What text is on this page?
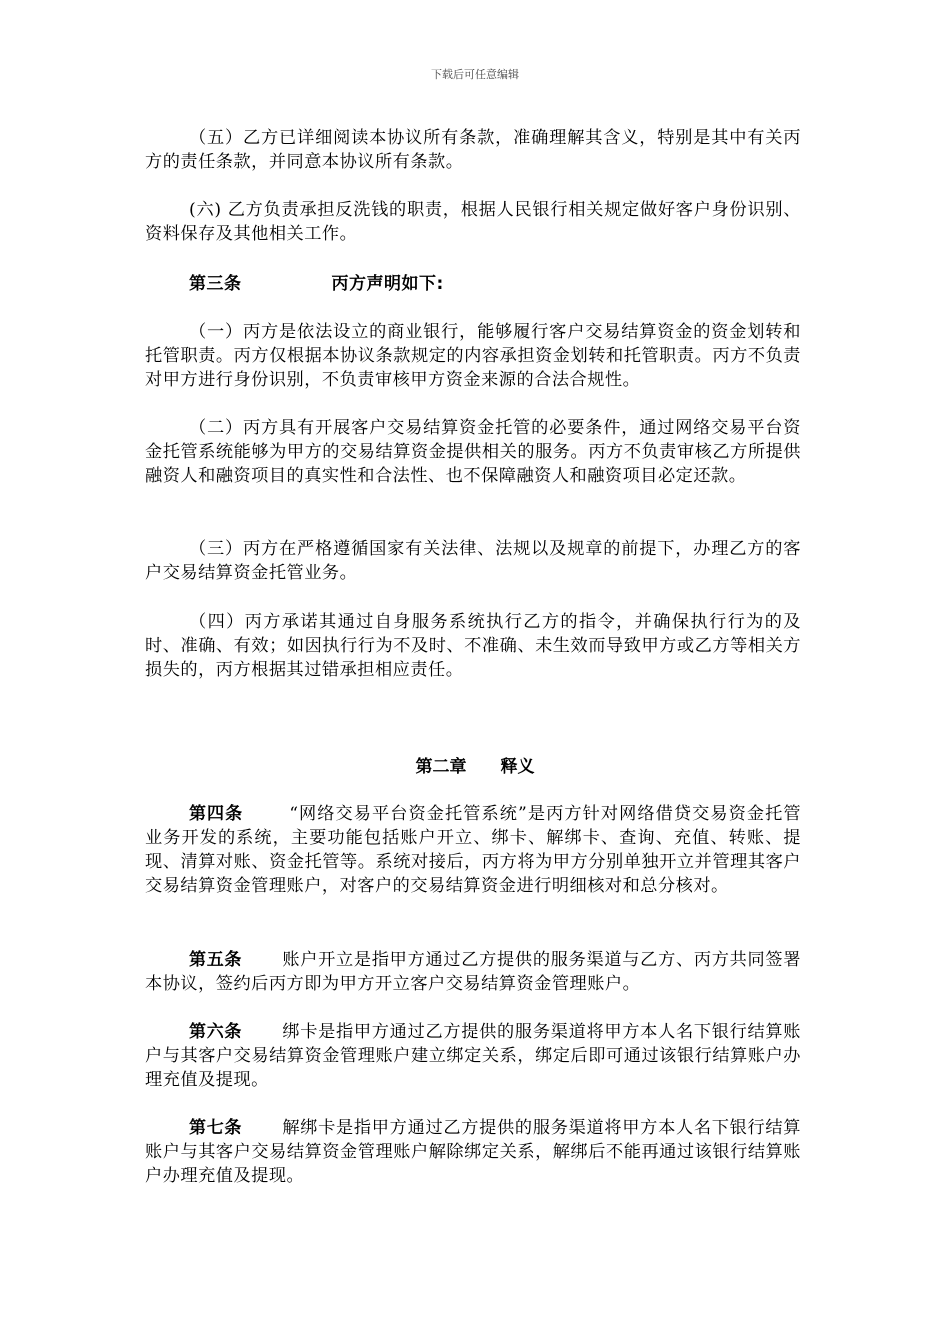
下载后可任意编辑

（五）乙方已详细阅读本协议所有条款，准确理解其含义，特别是其中有关丙方的责任条款，并同意本协议所有条款。

(六) 乙方负责承担反洗钱的职责，根据人民银行相关规定做好客户身份识别、资料保存及其他相关工作。

第三条	丙方声明如下:

（一）丙方是依法设立的商业银行，能够履行客户交易结算资金的资金划转和托管职责。丙方仅根据本协议条款规定的内容承担资金划转和托管职责。丙方不负责对甲方进行身份识别，不负责审核甲方资金来源的合法合规性。

（二）丙方具有开展客户交易结算资金托管的必要条件，通过网络交易平台资金托管系统能够为甲方的交易结算资金提供相关的服务。丙方不负责审核乙方所提供融资人和融资项目的真实性和合法性、也不保障融资人和融资项目必定还款。

（三）丙方在严格遵循国家有关法律、法规以及规章的前提下，办理乙方的客户交易结算资金托管业务。

（四）丙方承诺其通过自身服务系统执行乙方的指令，并确保执行行为的及时、准确、有效；如因执行行为不及时、不准确、未生效而导致甲方或乙方等相关方损失的，丙方根据其过错承担相应责任。

第二章 释义

第四条	“网络交易平台资金托管系统”是丙方针对网络借贷交易资金托管业务开发的系统，主要功能包括账户开立、绑卡、解绑卡、查询、充值、转账、提现、清算对账、资金托管等。系统对接后，丙方将为甲方分别单独开立并管理其客户交易结算资金管理账户，对客户的交易结算资金进行明细核对和总分核对。

第五条 账户开立是指甲方通过乙方提供的服务渠道与乙方、丙方共同签署本协议，签约后丙方即为甲方开立客户交易结算资金管理账户。

第六条 绑卡是指甲方通过乙方提供的服务渠道将甲方本人名下银行结算账户与其客户交易结算资金管理账户建立绑定关系，绑定后即可通过该银行结算账户办理充值及提现。

第七条 解绑卡是指甲方通过乙方提供的服务渠道将甲方本人名下银行结算账户与其客户交易结算资金管理账户解除绑定关系，解绑后不能再通过该银行结算账户办理充值及提现。
